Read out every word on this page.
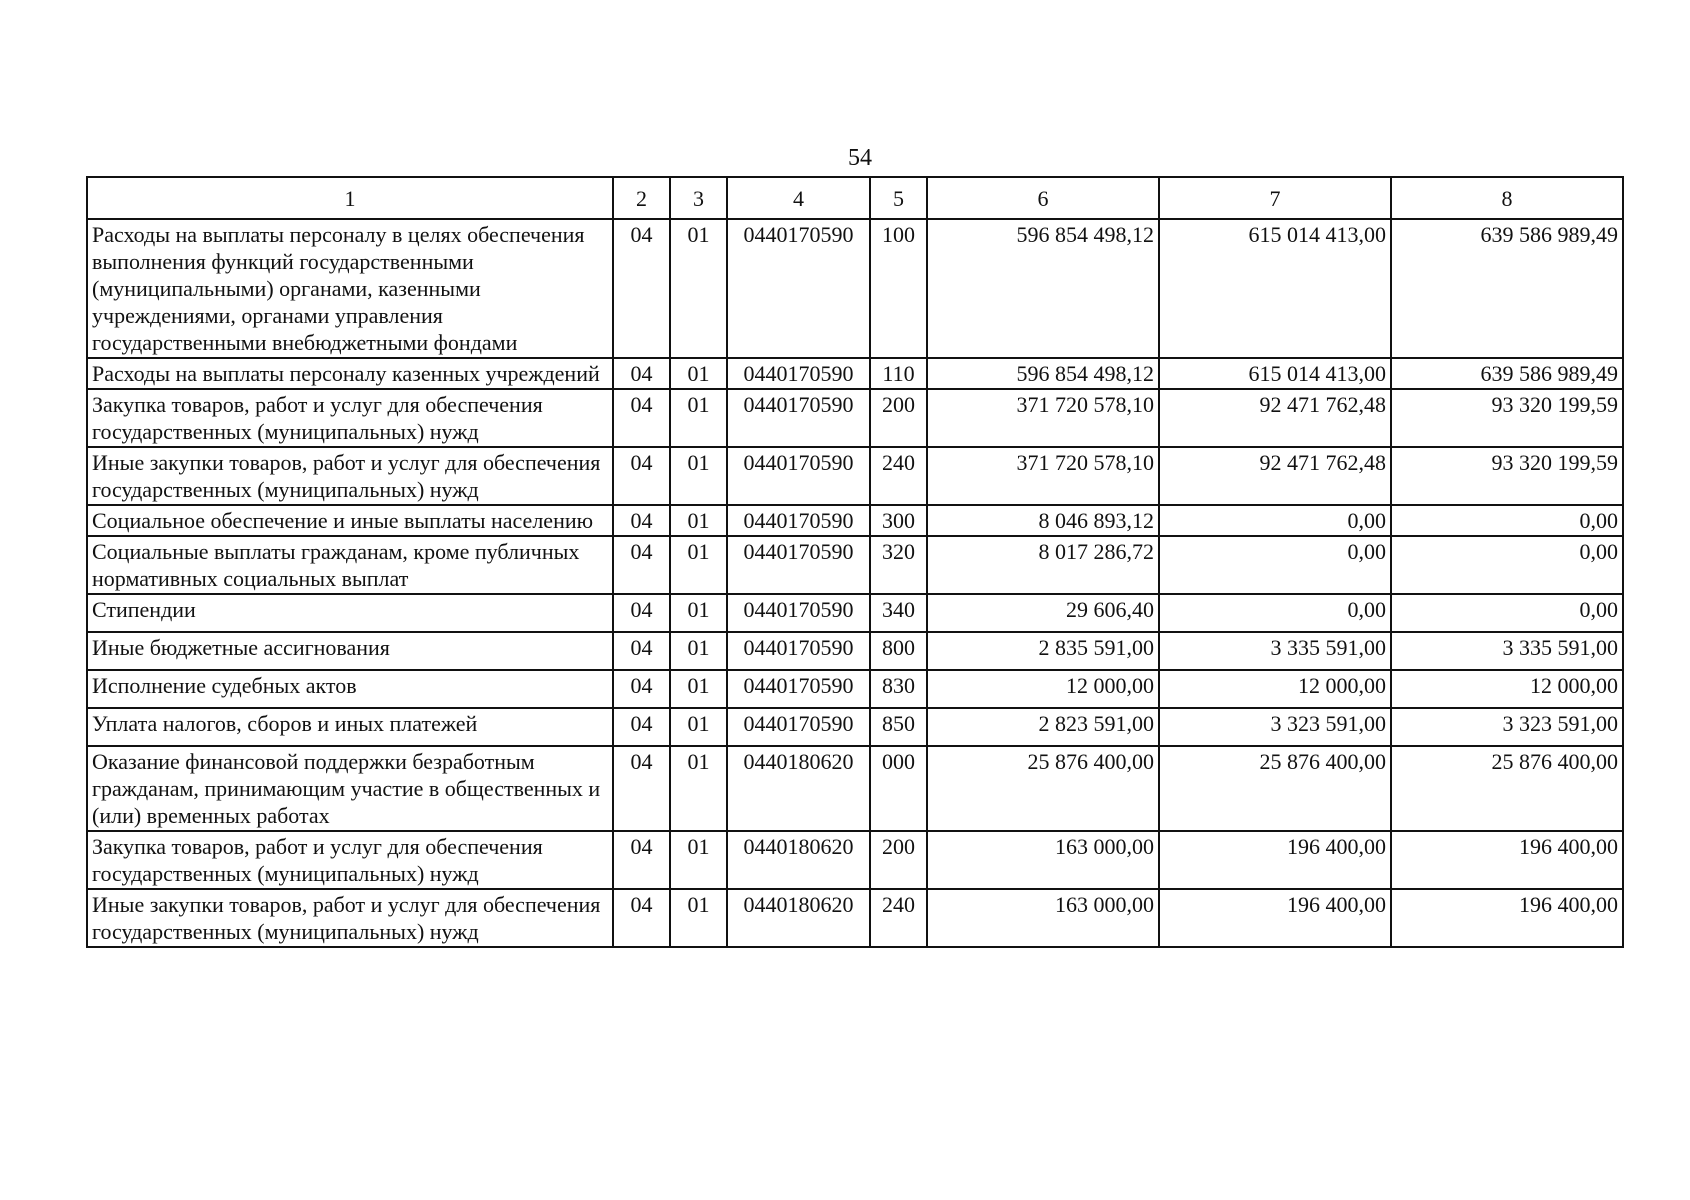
54
1	2	3	4	5	6	7	8
Расходы на выплаты персоналу в целях обеспечения выполнения функций государственными (муниципальными) органами, казенными учреждениями, органами управления государственными внебюджетными фондами	04	01	0440170590	100	596 854 498,12	615 014 413,00	639 586 989,49
Расходы на выплаты персоналу казенных учреждений	04	01	0440170590	110	596 854 498,12	615 014 413,00	639 586 989,49
Закупка товаров, работ и услуг для обеспечения государственных (муниципальных) нужд	04	01	0440170590	200	371 720 578,10	92 471 762,48	93 320 199,59
Иные закупки товаров, работ и услуг для обеспечения государственных (муниципальных) нужд	04	01	0440170590	240	371 720 578,10	92 471 762,48	93 320 199,59
Социальное обеспечение и иные выплаты населению	04	01	0440170590	300	8 046 893,12	0,00	0,00
Социальные выплаты гражданам, кроме публичных нормативных социальных выплат	04	01	0440170590	320	8 017 286,72	0,00	0,00
Стипендии	04	01	0440170590	340	29 606,40	0,00	0,00
Иные бюджетные ассигнования	04	01	0440170590	800	2 835 591,00	3 335 591,00	3 335 591,00
Исполнение судебных актов	04	01	0440170590	830	12 000,00	12 000,00	12 000,00
Уплата налогов, сборов и иных платежей	04	01	0440170590	850	2 823 591,00	3 323 591,00	3 323 591,00
Оказание финансовой поддержки безработным гражданам, принимающим участие в общественных и (или) временных работах	04	01	0440180620	000	25 876 400,00	25 876 400,00	25 876 400,00
Закупка товаров, работ и услуг для обеспечения государственных (муниципальных) нужд	04	01	0440180620	200	163 000,00	196 400,00	196 400,00
Иные закупки товаров, работ и услуг для обеспечения государственных (муниципальных) нужд	04	01	0440180620	240	163 000,00	196 400,00	196 400,00
